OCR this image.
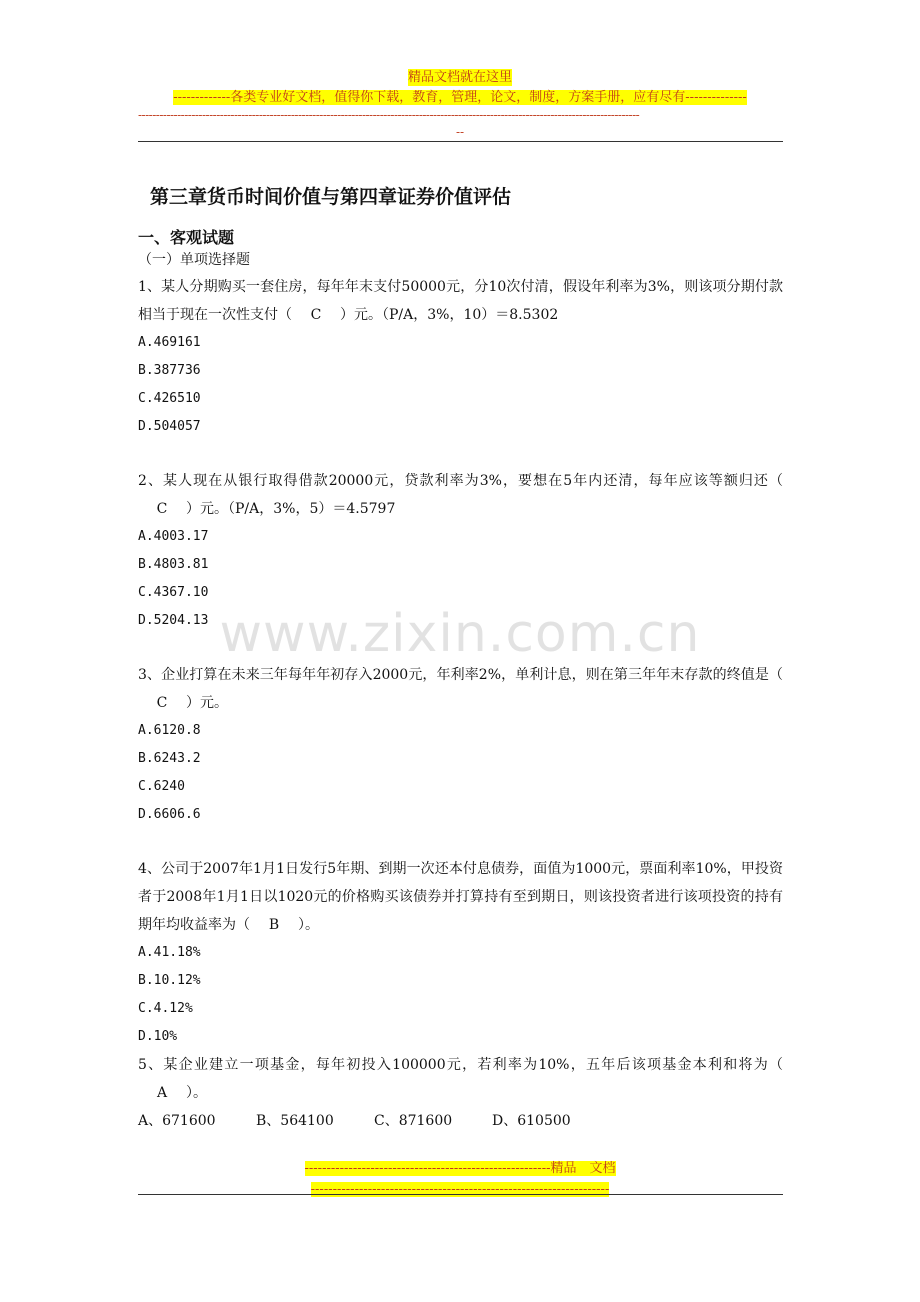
精品文档就在这里
-------------各类专业好文档，值得你下载，教育，管理，论文，制度，方案手册，应有尽有--------------
---------------------------------------------------------------------------------------------------------------------------------------------
--
第三章货币时间价值与第四章证券价值评估
一、客观试题
（一）单项选择题
1、某人分期购买一套住房，每年年末支付50000元，分10次付清，假设年利率为3%，则该项分期付款相当于现在一次性支付（ C ）元。（P/A，3%，10）＝8.5302
A.469161
B.387736
C.426510
D.504057
2、某人现在从银行取得借款20000元，贷款利率为3%，要想在5年内还清，每年应该等额归还（C ）元。（P/A，3%，5）＝4.5797
A.4003.17
B.4803.81
C.4367.10
D.5204.13
3、企业打算在未来三年每年年初存入2000元，年利率2%，单利计息，则在第三年年末存款的终值是（C ）元。
A.6120.8
B.6243.2
C.6240
D.6606.6
4、公司于2007年1月1日发行5年期、到期一次还本付息债券，面值为1000元，票面利率10%，甲投资者于2008年1月1日以1020元的价格购买该债券并打算持有至到期日，则该投资者进行该项投资的持有期年均收益率为（ B ）。
A.41.18%
B.10.12%
C.4.12%
D.10%
5、某企业建立一项基金，每年初投入100000元，若利率为10%，五年后该项基金本利和将为（A ）。
A、671600	B、564100	C、871600	D、610500
www.zixin.com.cn
--------------------------------------------------------精品　文档
--------------------------------------------------------------------
